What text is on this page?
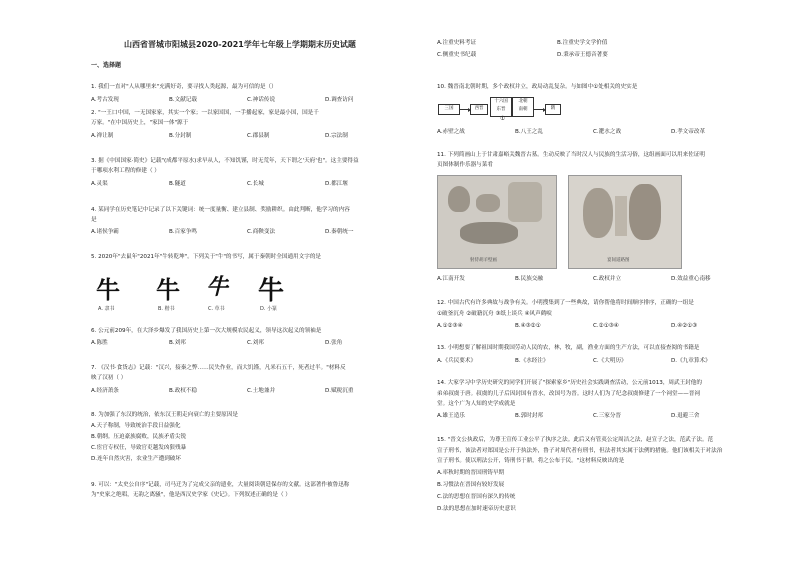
山西省晋城市阳城县2020-2021学年七年级上学期期末历史试题
一、选择题
牛
A. 隶书
牛
B. 楷书
牛
C. 草书
牛
D. 小篆
三国	西晋
十六国
东晋
北朝
南朝	隋
①
射侍胡羊壁画	宴间道路图
1. 我们一直对"人从哪里来"充满好奇，要寻找人类起源，最为可信的是（）
A.考古发现	B.文献记载	C.神话传说	D.调查访问
2. "一王口中国，一无国家家，其实一个家；一以家国国，一手播起家，家是最小国，国是千
万家。"在中国历史上，"家国一体"源于
A.禅让制	B.分封制	C.郡县制	D.宗法制
3. 据《中国国家·简史》记载"(成都平原水)求早从人，不知饥馑，时无荒年，天下谓之'天府'也"。这主要得益
于哪项水利工程的修建（ ）
A.灵渠	B.隧道	C.长城	D.都江堰
4. 某同学在历史笔记中记录了以下关键词：统一度量衡、建立县制、奖励耕织。由此判断，他学习的内容
是
A.诸侯争霸	B.百家争鸣	C.商鞅变法	D.秦朝统一
5. 2020年"去鼠年"2021年"牛转乾坤"。下列关于"牛"的书写，属于秦朝时全国通用文字的是
6. 公元前209年，在大泽乡爆发了我国历史上第一次大规模农民起义，领导这次起义的领袖是
A.陈胜	B.刘邦	C.刘邦	D.张角
7. 《汉书·食货志》记载："汉兴，接秦之弊……民失作业，而大饥馑，凡米石五千，死者过半。"材料反
映了汉初（ ）
A.经济萧条	B.政权不稳	C.土地兼并	D.赋税沉重
8. 为加强了东汉的统治，依东汉王朝走向衰亡的主要原因是
A.天子称制，导致统治手段日益强化
B.朝纲。压迫豪族腐败，民族矛盾尖锐
C.宦官专权任，导致官吏越发凶狠残暴
D.连年自然灾害，农业生产遭到破坏
9. 可以："太史公自序"记载，司马迁为了完成父亲的遗业，大量阅读朝廷保存的文献。这部著作被鲁迅称
为"史家之绝唱，无韵之离骚"，他是西汉史学家《史记》。下列叙述正确的是（ ）
A.注重史料考证	B.注重史学文学价值
C.侧重史书纪载	D.秉承帝王德音著要
10. 魏晋南北朝时期，多个政权并立，政局动乱复杂。与如图中①处相关的史实是
A.赤壁之战	B.八王之乱	C.淝水之战	D.孝文帝改革
11. 下列简画山上于甘肃嘉峪关魏晋古墓。生动反映了当时汉人与民族的生活习俗，这组画面可以用来佐证明
页图体制作乐器与菜肴
A.江南开发	B.民族交融	C.政权并立	D.效益重心南移
12. 中国古代有许多典故与战争有关。小明搜集到了一些典故，请你帮他将时间顺序排序，正确的一组是
①破釜沉舟 ②破籍沉舟 ③纸上谈兵 ④风声鹤唳
A.①②③④	B.④③②①	C.②①③④	D.④②①③
13. 小明想要了解祖国时期我国劳动人民的农，林，牧，副，渔业方面的生产方法，可以直接查阅的书籍是
A.《兵民要术》	B.《水经注》	C.《大明历》	D.《九章算术》
14. 大家学习中学历史研究的同学们开展了"探索家乡"历史社会实践调查活动，公元前1013，周武王封他的
弟弟叔虞于唐。叔虞的儿子后因封国有晋水，改国号为晋。这时人们为了纪念叔虞修建了一个祠堂——晋祠
堂。这个广为人知的史学成就是
A.雄王造乐	B.郭时封邦	C.三家分晋	D.退避三舍
15. "晋文公执政后，为尊王宣传工业公平了执序之法。此后又有管夷公定周洁之法，赵宣子之法，范武子法。范
宣子刑书，该法者对郑国是公开于执法外，鲁子对周代者有刑书，但法者其实属于法例的措施。他们该相关于对法治
宣子刑书。使以刑法公开，铸刑书于鼎，将之公布于民。"这材料反映出的是
A.率秋时期的晋国刑铸早期
B.习惯法在晋国有较好发展
C.法的思想在晋国有深久的传统
D.法的思想在加时速帝历史意识
